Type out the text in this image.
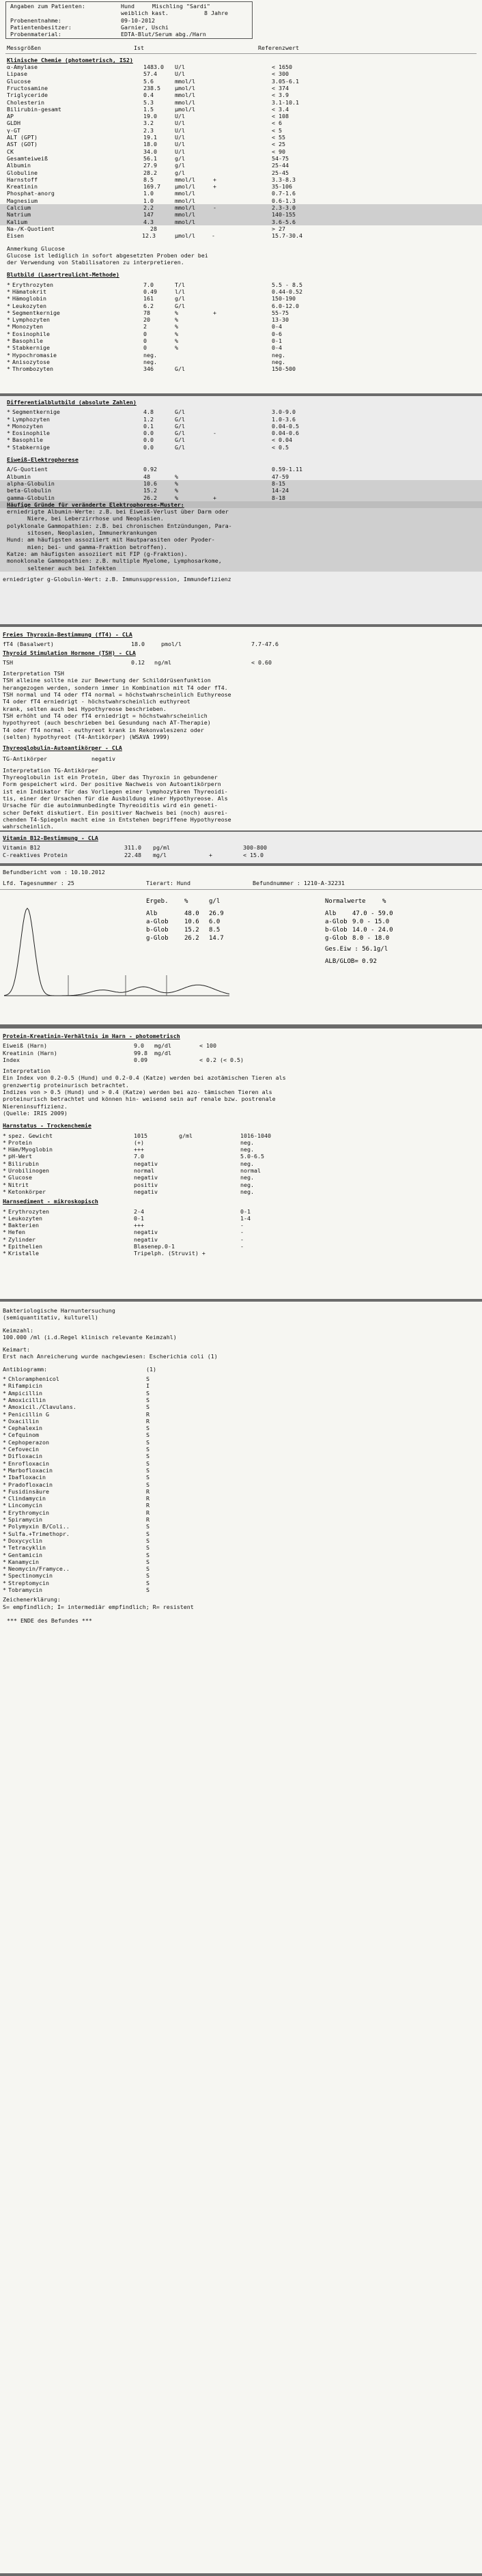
Angaben zum Patienten:	Hund	Mischling "Sardi"
weiblich kast.	8 Jahre
Probenentnahme:	09-10-2012
Patientenbesitzer:	Garnier, Uschi
Probenmaterial:	EDTA-Blut/Serum abg./Harn
Messgrößen	Ist	Referenzwert
Klinische Chemie (photometrisch, IS2)
α-Amylase	1483.0 U/l	< 1650
Lipase	57.4	U/l	< 300
Glucose	5.6	mmol/l	3.05-6.1
Fructosamine	238.5	µmol/l	< 374
Triglyceride	0.4	mmol/l	< 3.9
Cholesterin	5.3	mmol/l	3.1-10.1
Bilirubin-gesamt	1.5	µmol/l	< 3.4
AP	19.0	U/l	< 108
GLDH	3.2	U/l	< 6
γ-GT	2.3	U/l	< 5
ALT (GPT)	19.1	U/l	< 55
AST (GOT)	18.0	U/l	< 25
CK	34.0	U/l	< 90
Gesamteiweiß	56.1	g/l	54-75
Albumin	27.9	g/l	25-44
Globuline	28.2	g/l	25-45
Harnstoff	8.5	mmol/l	+	3.3-8.3
Kreatinin	169.7	µmol/l	+	35-106
Phosphat-anorg	1.0	mmol/l	0.7-1.6
Magnesium	1.0	mmol/l	0.6-1.3
Calcium	2.2	mmol/l	-	2.3-3.0
Natrium	147	mmol/l	140-155
Kalium	4.3	mmol/l	3.6-5.6
Na-/K-Quotient	28	> 27
Eisen	12.3	µmol/l	-	15.7-30.4
Anmerkung Glucose
Glucose ist lediglich in sofort abgesetzten Proben oder bei
der Verwendung von Stabilisatoren zu interpretieren.
Blutbild (Lasertreulicht-Methode)
* Erythrozyten	7.0	T/l	5.5 - 8.5
* Hämatokrit	0.49	l/l	0.44-0.52
* Hämoglobin	161	g/l	150-190
* Leukozyten	6.2	G/l	6.0-12.0
* Segmentkernige	78	%	+	55-75
* Lymphozyten	20	%	13-30
* Monozyten	2	%	0-4
* Eosinophile	0	%	0-6
* Basophile	0	%	0-1
* Stabkernige	0	%	0-4
* Hypochromasie	neg.	neg.
* Anisozytose	neg.	neg.
* Thrombozyten	346	G/l	150-500
Differentialblutbild (absolute Zahlen)
* Segmentkernige	4.8	G/l	3.0-9.0
* Lymphozyten	1.2	G/l	1.0-3.6
* Monozyten	0.1	G/l	0.04-0.5
* Eosinophile	0.0	G/l	-	0.04-0.6
* Basophile	0.0	G/l	< 0.04
* Stabkernige	0.0	G/l	< 0.5
Eiweiß-Elektrophorese
A/G-Quotient	0.92	0.59-1.11
Albumin	48	%	47-59
alpha-Globulin	10.6	%	8-15
beta-Globulin	15.2	%	14-24
gamma-Globulin	26.2	%	+	8-18
Häufige Gründe für veränderte Elektrophorese-Muster:
erniedrigte Albumin-Werte: z.B. bei Eiweiß-Verlust über Darm oder
Niere, bei Leberzirrhose und Neoplasien.
polyklonale Gammopathien: z.B. bei chronischen Entzündungen, Para-
sitosen, Neoplasien, Immunerkrankungen
Hund: am häufigsten assoziiert mit Hautparasiten oder Pyoder-
mien; bei- und gamma-Fraktion betroffen).
Katze: am häufigsten assoziiert mit FIP (g-Fraktion).
monoklonale Gammopathien: z.B. multiple Myelome, Lymphosarkome,
seltener auch bei Infekten
erniedrigter g-Globulin-Wert: z.B. Immunsuppression, Immundefizienz
Freies Thyroxin-Bestimmung (fT4) - CLA
fT4 (Basalwert)	18.0	pmol/l	7.7-47.6
Thyroid Stimulation Hormone (TSH) - CLA
TSH	0.12 ng/ml	< 0.60
Interpretation TSH
TSH alleine sollte nie zur Bewertung der Schilddrüsenfunktion
herangezogen werden, sondern immer in Kombination mit T4 oder fT4.
TSH normal und T4 oder fT4 normal = höchstwahrscheinlich Euthyreose
T4 oder fT4 erniedrigt - höchstwahrscheinlich euthyreot
krank, selten auch bei Hypothyreose beschrieben.
TSH erhöht und T4 oder fT4 erniedrigt = höchstwahrscheinlich
hypothyreot (auch beschrieben bei Gesundung nach AT-Therapie)
T4 oder fT4 normal - euthyreot krank in Rekonvaleszenz oder
(selten) hypothyreot (T4-Antikörper) (WSAVA 1999)
Thyreoglobulin-Autoantikörper - CLA
TG-Antikörper	negativ
Interpretation TG-Antikörper
Thyreoglobulin ist ein Protein, über das Thyroxin in gebundener
Form gespeichert wird. Der positive Nachweis von Autoantikörpern
ist ein Indikator für das Vorliegen einer lymphozytären Thyreoidi-
tis, einer der Ursachen für die Ausbildung einer Hypothyreose. Als
Ursache für die autoimmunbedingte Thyreoiditis wird ein geneti-
scher Defekt diskutiert. Ein positiver Nachweis bei (noch) ausrei-
chenden T4-Spiegeln macht eine in Entstehen begriffene Hypothyreose
wahrscheinlich.
Vitamin B12-Bestimmung - CLA
Vitamin B12	311.0 pg/ml	300-800
C-reaktives Protein	22.48 mg/l	+	< 15.0
Befundbericht vom : 10.10.2012
Lfd. Tagesnummer : 25	Tierart: Hund	Befundnummer : 1210-A-32231
Ergeb.	%	g/l	Normalwerte	%
Alb	48.0 26.9	Alb	47.0 - 59.0
a-Glob	10.6 6.0	a-Glob 9.0 - 15.0
b-Glob	15.2 8.5	b-Glob 14.0 - 24.0
g-Glob	26.2 14.7	g-Glob 8.0 - 18.0
Ges.Eiw : 56.1g/l
ALB/GLOB= 0.92
Protein-Kreatinin-Verhältnis im Harn - photometrisch
Eiweiß (Harn)	9.0 mg/dl	< 100
Kreatinin (Harn)	99.8 mg/dl
Index	0.09	< 0.2 (< 0.5)
Interpretation
Ein Index von 0.2-0.5 (Hund) und 0.2-0.4 (Katze) werden bei azotämischen Tieren als
grenzwertig proteinurisch betrachtet.
Indizes von > 0.5 (Hund) und > 0.4 (Katze) werden bei azo- tämischen Tieren als
proteinurisch betrachtet und können hin- weisend sein auf renale bzw. postrenale
Niereninsuffizienz.
(Quelle: IRIS 2009)
Harnstatus - Trockenchemie
* spez. Gewicht	1015	g/ml	1016-1040
* Protein	(+)	neg.
* Häm/Myoglobin	+++	neg.
* pH-Wert	7.0	5.0-6.5
* Bilirubin	negativ	neg.
* Urobilinogen	normal	normal
* Glucose	negativ	neg.
* Nitrit	positiv	neg.
* Ketonkörper	negativ	neg.
Harnsediment - mikroskopisch
* Erythrozyten	2-4	0-1
* Leukozyten	0-1	1-4
* Bakterien	+++	-
* Hefen	negativ	-
* Zylinder	negativ	-
* Epithelien	Blasenep.0-1	-
* Kristalle	Tripelph. (Struvit) +
Bakteriologische Harnuntersuchung
(semiquantitativ, kulturell)
Keimzahl:
100.000 /ml (i.d.Regel klinisch relevante Keimzahl)
Keimart:
Erst nach Anreicherung wurde nachgewiesen: Escherichia coli (1)
Antibiogramm:	(1)
* Chloramphenicol	S
* Rifampicin	I
* Ampicillin	S
* Amoxicillin	S
* Amoxicil./Clavulans.	S
* Penicillin G	R
* Oxacillin	R
* Cephalexin	S
* Cefquinom	S
* Cephoperazon	S
* Cefovecin	S
* Difloxacin	S
* Enrofloxacin	S
* Marbofloxacin	S
* Ibafloxacin	S
* Pradofloxacin	S
* Fusidinsäure	R
* Clindamycin	R
* Lincomycin	R
* Erythromycin	R
* Spiramycin	R
* Polymyxin B/Coli..	S
* Sulfa.+Trimethopr.	S
* Doxycyclin	S
* Tetracyklin	S
* Gentamicin	S
* Kanamycin	S
* Neomycin/Framyce..	S
* Spectinomycin	S
* Streptomycin	S
* Tobramycin	S
Zeichenerklärung:
S= empfindlich; I= intermediär empfindlich; R= resistent
*** ENDE des Befundes ***
